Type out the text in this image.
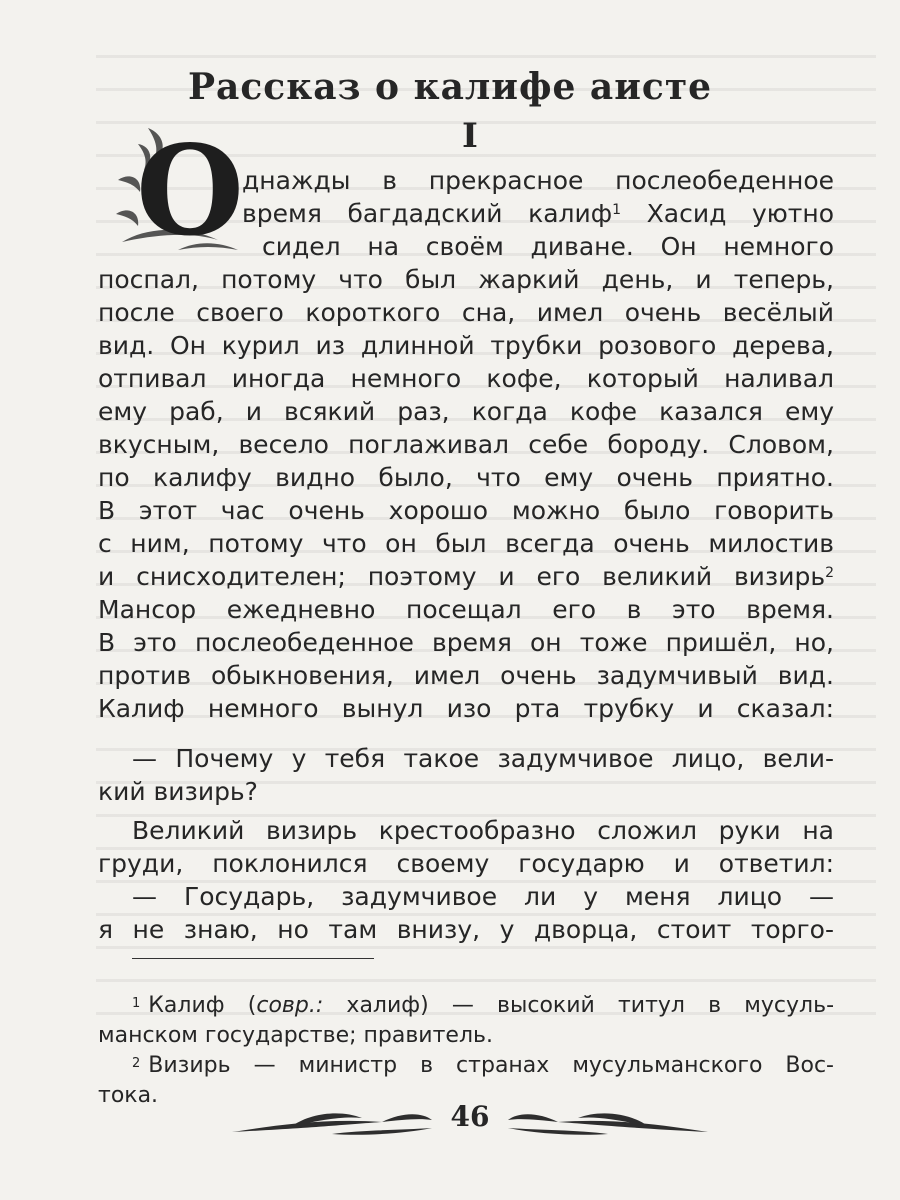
Рассказ о калифе аисте
I
О
днажды в прекрасное послеобеденное
время багдадский калиф$^1$ Хасид уютно
сидел на своём диване. Он немного
поспал, потому что был жаркий день, и теперь,
после своего короткого сна, имел очень весёлый
вид. Он курил из длинной трубки розового дерева,
отпивал иногда немного кофе, который наливал
ему раб, и всякий раз, когда кофе казался ему
вкусным, весело поглаживал себе бороду. Словом,
по калифу видно было, что ему очень приятно.
В этот час очень хорошо можно было говорить
с ним, потому что он был всегда очень милостив
и снисходителен; поэтому и его великий визирь$^2$
Мансор ежедневно посещал его в это время.
В это послеобеденное время он тоже пришёл, но,
против обыкновения, имел очень задумчивый вид.
Калиф немного вынул изо рта трубку и сказал:
— Почему у тебя такое задумчивое лицо, вели-
кий визирь?
Великий визирь крестообразно сложил руки на
груди, поклонился своему государю и ответил:
— Государь, задумчивое ли у меня лицо —
я не знаю, но там внизу, у дворца, стоит торго-
$^1$ Калиф (совр.: халиф) — высокий титул в мусуль-
манском государстве; правитель.
$^2$ Визирь — министр в странах мусульманского Вос-
тока.
46
